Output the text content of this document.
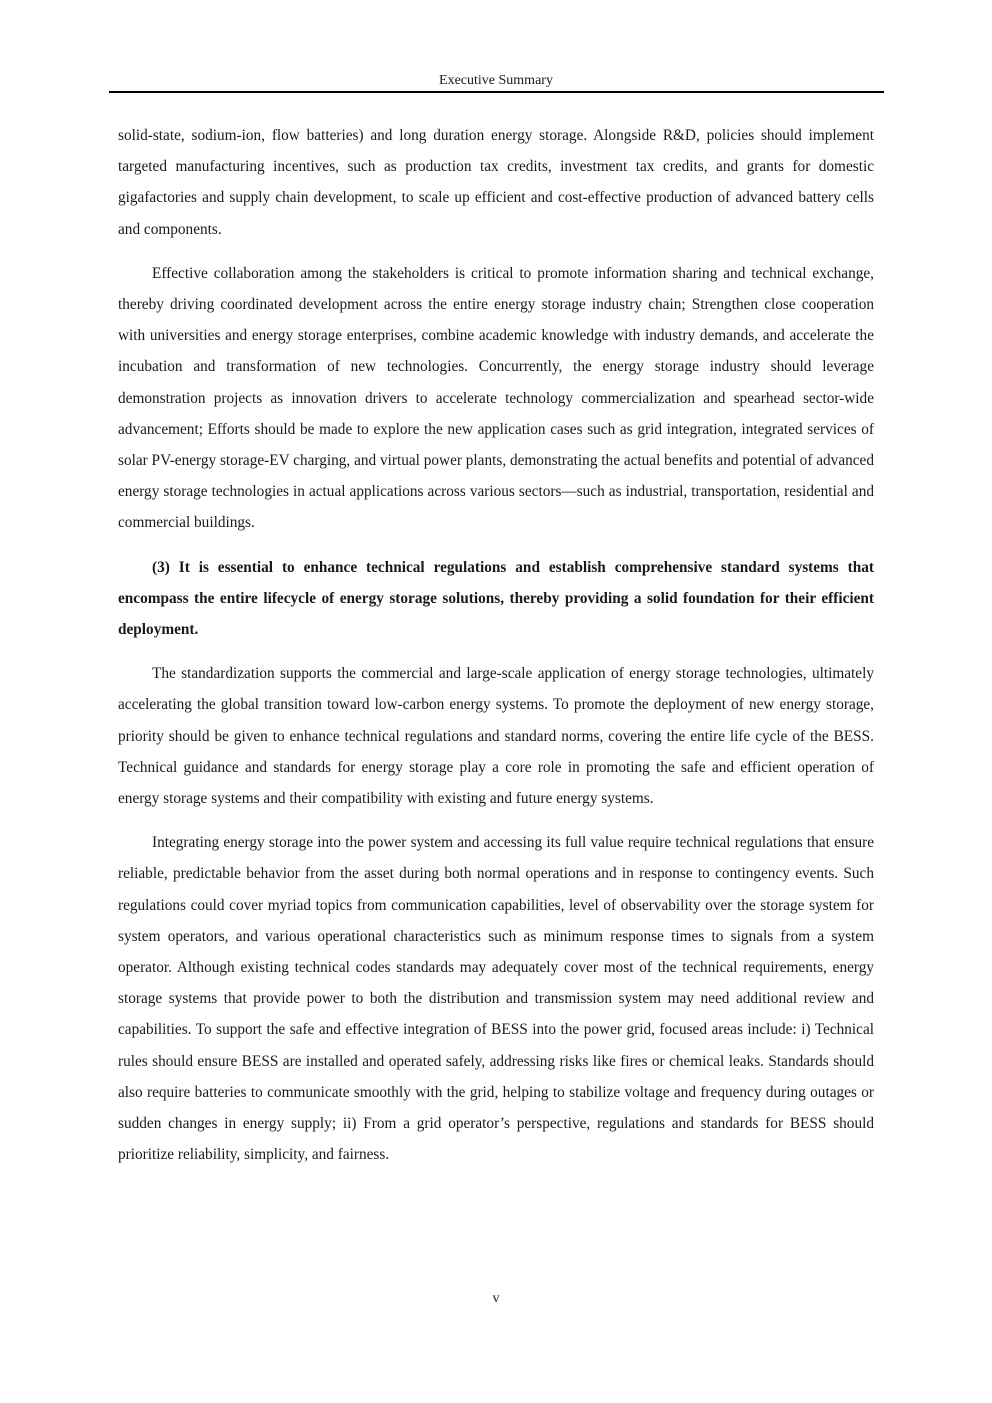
Executive Summary

solid-state, sodium-ion, flow batteries) and long duration energy storage. Alongside R&D, policies should implement targeted manufacturing incentives, such as production tax credits, investment tax credits, and grants for domestic gigafactories and supply chain development, to scale up efficient and cost-effective production of advanced battery cells and components.

Effective collaboration among the stakeholders is critical to promote information sharing and technical exchange, thereby driving coordinated development across the entire energy storage industry chain; Strengthen close cooperation with universities and energy storage enterprises, combine academic knowledge with industry demands, and accelerate the incubation and transformation of new technologies. Concurrently, the energy storage industry should leverage demonstration projects as innovation drivers to accelerate technology commercialization and spearhead sector-wide advancement; Efforts should be made to explore the new application cases such as grid integration, integrated services of solar PV-energy storage-EV charging, and virtual power plants, demonstrating the actual benefits and potential of advanced energy storage technologies in actual applications across various sectors—such as industrial, transportation, residential and commercial buildings.

(3) It is essential to enhance technical regulations and establish comprehensive standard systems that encompass the entire lifecycle of energy storage solutions, thereby providing a solid foundation for their efficient deployment.

The standardization supports the commercial and large-scale application of energy storage technologies, ultimately accelerating the global transition toward low-carbon energy systems. To promote the deployment of new energy storage, priority should be given to enhance technical regulations and standard norms, covering the entire life cycle of the BESS. Technical guidance and standards for energy storage play a core role in promoting the safe and efficient operation of energy storage systems and their compatibility with existing and future energy systems.

Integrating energy storage into the power system and accessing its full value require technical regulations that ensure reliable, predictable behavior from the asset during both normal operations and in response to contingency events. Such regulations could cover myriad topics from communication capabilities, level of observability over the storage system for system operators, and various operational characteristics such as minimum response times to signals from a system operator. Although existing technical codes standards may adequately cover most of the technical requirements, energy storage systems that provide power to both the distribution and transmission system may need additional review and capabilities. To support the safe and effective integration of BESS into the power grid, focused areas include: i) Technical rules should ensure BESS are installed and operated safely, addressing risks like fires or chemical leaks. Standards should also require batteries to communicate smoothly with the grid, helping to stabilize voltage and frequency during outages or sudden changes in energy supply; ii) From a grid operator’s perspective, regulations and standards for BESS should prioritize reliability, simplicity, and fairness.

v
